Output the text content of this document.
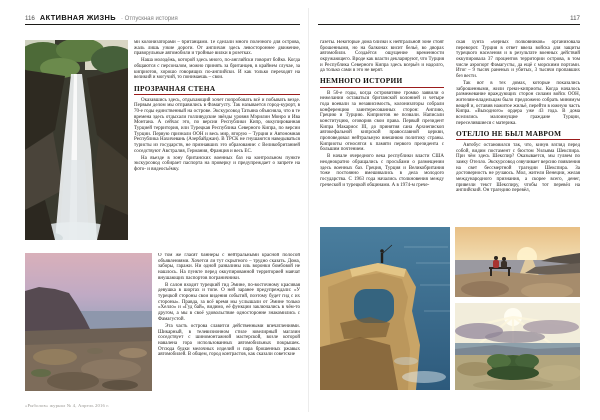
116 АКТИВНАЯ ЖИЗНЬ · Отпускная история	117

ми колонизаторами – британцами. Те сделали много полезного для острова, жаль лишь узкие дороги. От англичан здесь левостороннее движение, праворульные автомобили и тройные вилки в розетках.

Наша молодёжь, которой здесь много, по-английски говорит бойко. Когда общаются с персоналом, можно принять за британцев, в крайнем случае, за киприотов, хорошо говорящих по-английски. И как только переходят на великий и могучий, то понимаешь – свои.

ПРОЗРАЧНАЯ СТЕНА

Оказавшись здесь, отдыхающий хочет попробовать всё и побывать везде. Первым делом мы отправились в Фамагусту. Так называется город-курорт, в 70-е годы единственный на острове. Экскурсовод Татьяна объясняла, что в те времена здесь отдыхали голливудские звёзды уровня Мэрилин Монро и Ива Монтана. А сейчас это, по версии Республики Кипр, оккупированная Турцией территория, или Турецкая Республика Северного Кипра, по версии Турции. Первую признали ООН и весь мир, вторую – Турция и Автономная Республика Нахичевань (Азербайджан). В ТРСК не гнушаются наведываться туристы из государств, не признавших это образование: с Великобританией соседствуют Австралия, Германия, Франция и весь ЕС.

На въезде в зону британских военных баз на контрольном пункте экскурсовод собирает паспорта на проверку и предупреждает о запрете на фото- и видеосъёмку.

О том же гласят баннеры с нейтральными красной полосой объявлениями. Хочется ли тут скрытного – трудно сказать. Дома, заборы, гаражи. Ни одной развалины иль воронки бомбовой не нашлось. На пункте перед оккупированной территорией маячат внушающих паспортов пограничники.

В салон входит турецкий гид Эмине, по-восточному красивая девушка в шортах и топе. О ней заранее предупреждали: «У турецкой стороны свои видения событий, поэтому будет гид с их стороны». Правда, за всё время мы услышали от Эмине только «Хелло» и «Гуд бай», видимо, её функции заключались в чём-то другом, а мы в своё удовольствие односторонне знакомились с Фамагустой.

Эта часть острова славится действенными впечатлениями. Шикарный, в телевизионном стиле ювелирный магазин соседствует с шиномонтажной мастерской, возле которой навалена гора использованных автомобильных покрышек. Отсюда будки мелочных изделий и пара брошенных ржавых автомобилей. В общем, город контрастов, как сказали советские

«Рыболов» журнал № 4, Апрель 2016 г.

газеты. Некоторые дома близки к нейтральной зоне стоят брошенными, но на балконах висит бельё, во дворах автомобили. Создаётся ощущение временности окружающего. Вроде как власти декларируют, что Турция и Республика Северного Кипра здесь всерьёз и надолго, да только сами в это не верят.

НЕМНОГО ИСТОРИИ

В 50-е годы, когда островитяне громко заявили о нежелании оставаться британской колонией и четыре года воевали за независимость, колонизаторы собрали конференцию заинтересованных сторон: Англию, Грецию и Турцию. Киприотов не позвали. Написали конституцию, оговорив свои права. Первый президент Кипра Макариос III, до принятия сана Архиепископ автокефальной кипрской православной церкви, проповедовал нейтральную внешнюю политику страны. Киприоты относятся к памяти первого президента с большим почтением.

В начале очередного века республики власти США неоднократно обращались с просьбами о размещении здесь военных баз. Греция, Турция и Великобритания тоже постоянно вмешивались в дела молодого государства. С 1963 года начались столкновения между греческой и турецкой общинами. А в 1974-м грече-

ская хунта «чёрных полковников» организовала переворот. Турция в ответ ввела войска для защиты турецкого населения и в результате военных действий оккупировала 37 процентов территории острова, в том числе аэропорт Фамагусты, да ещё с морскими портами. Итог – 9 тысяч раненых и убитых, 3 тысячи пропавших без вести.

Так вот в тех домах, которые показались заброшенными, жили греки-киприоты. Когда началось размежевание враждующих сторон силами войск ООН, жителям-владельцам было предложено собрать минимум вещей и, оставив нажитое жильё, перейти в южную часть Кипра. «Выходного» ордера уже 43 года. В дома вселились малоимущие граждане Турции, переселившиеся с материка.

ОТЕЛЛО НЕ БЫЛ МАВРОМ

Автобус остановился так, что, кинув взгляд перед собой, видим постамент с бюстом Уильяма Шекспира. При чём здесь Шекспир? Оказывается, мы гуляем по замку Отелло. Экскурсовод озвучивает версию появления на свет бессмертной трагедии Шекспира. За достоверность не ручаюсь. Мол, жители Венеции, желая международного признания, а скорее всего, денег, привезли текст Шекспиру, чтобы тот перевёл на английский. Он трагедию перевёл,
